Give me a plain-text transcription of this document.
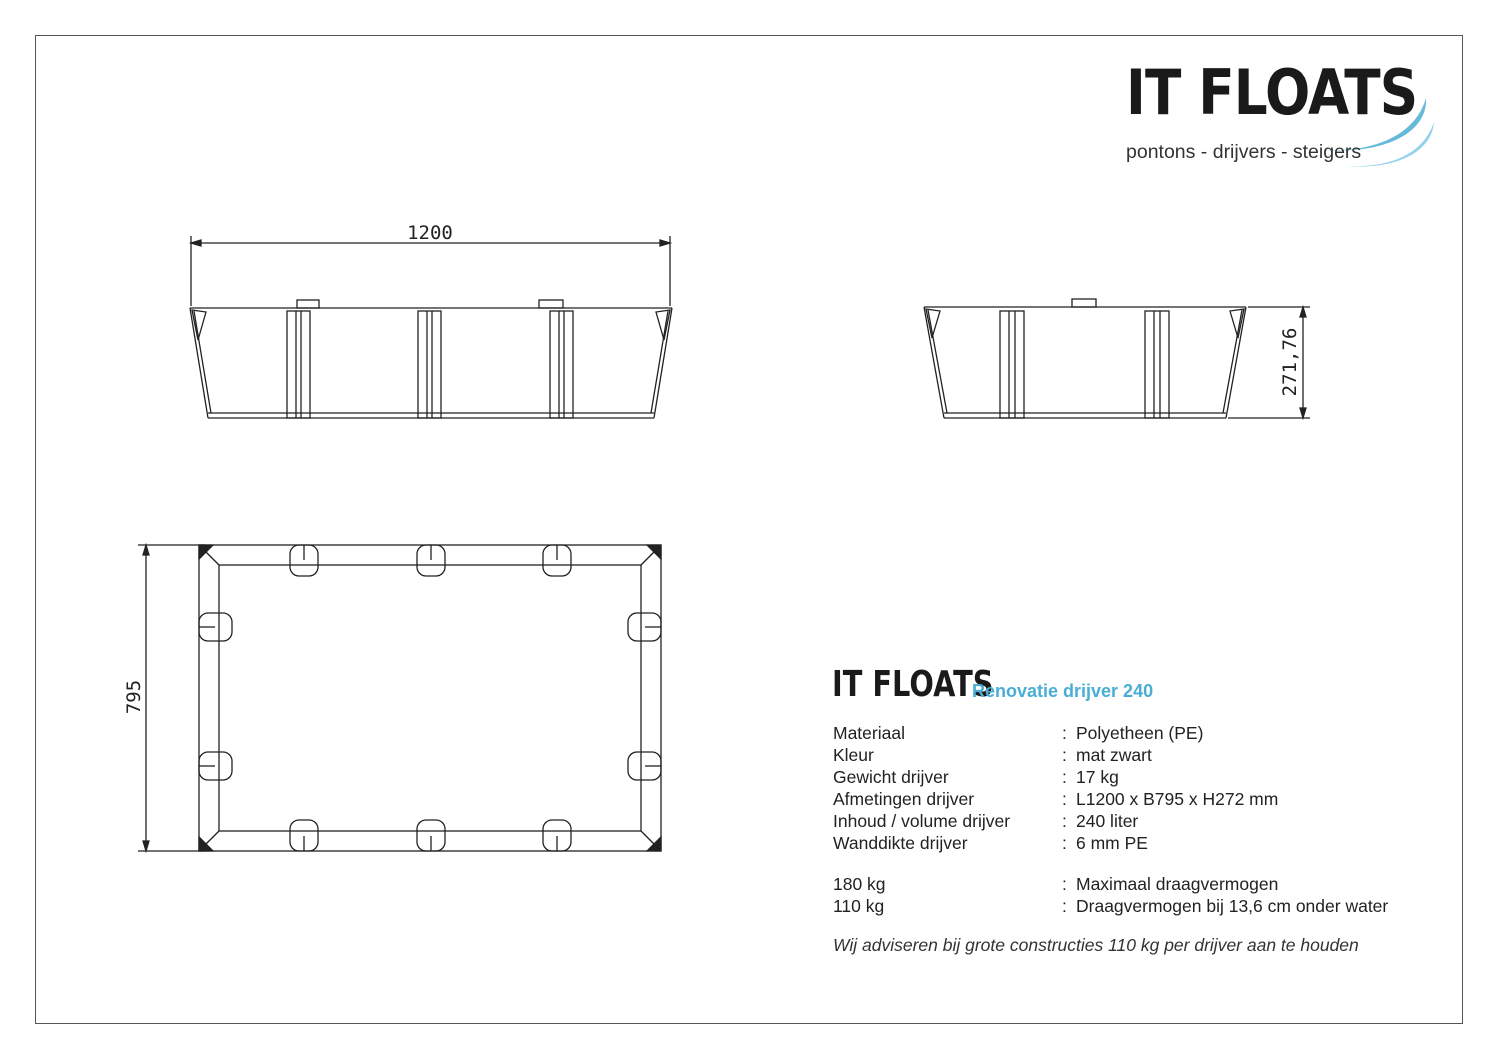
IT FLOATS
pontons - drijvers - steigers
1200
271,76
795	IT FLOATS
Renovatie drijver 240
Materiaal	: Polyetheen (PE)
Kleur	: mat zwart
Gewicht drijver	: 17 kg
Afmetingen drijver	: L1200 x B795 x H272 mm
Inhoud / volume drijver	: 240 liter
Wanddikte drijver	: 6 mm PE
180 kg	: Maximaal draagvermogen
110 kg	: Draagvermogen bij 13,6 cm onder water
Wij adviseren bij grote constructies 110 kg per drijver aan te houden
